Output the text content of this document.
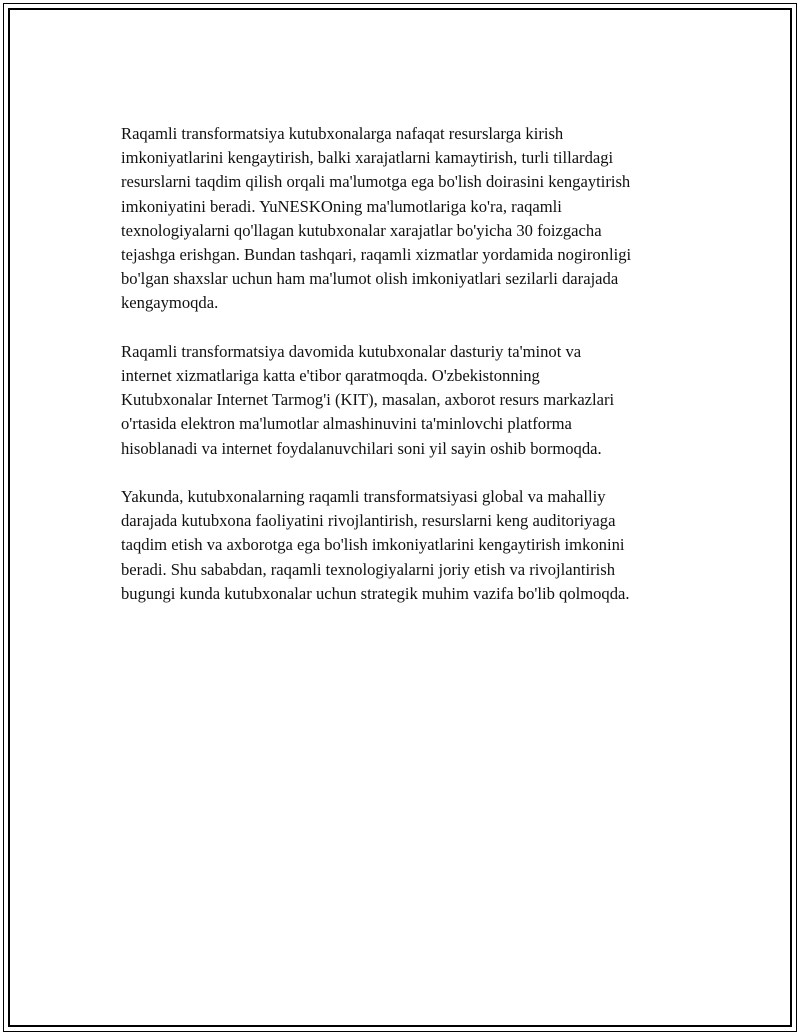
Raqamli transformatsiya kutubxonalarga nafaqat resurslarga kirish
imkoniyatlarini kengaytirish, balki xarajatlarni kamaytirish, turli tillardagi
resurslarni taqdim qilish orqali ma'lumotga ega bo'lish doirasini kengaytirish
imkoniyatini beradi. YuNESKOning ma'lumotlariga ko'ra, raqamli
texnologiyalarni qo'llagan kutubxonalar xarajatlar bo'yicha 30 foizgacha
tejashga erishgan. Bundan tashqari, raqamli xizmatlar yordamida nogironligi
bo'lgan shaxslar uchun ham ma'lumot olish imkoniyatlari sezilarli darajada
kengaymoqda.

Raqamli transformatsiya davomida kutubxonalar dasturiy ta'minot va
internet xizmatlariga katta e'tibor qaratmoqda. O'zbekistonning
Kutubxonalar Internet Tarmog'i (KIT), masalan, axborot resurs markazlari
o'rtasida elektron ma'lumotlar almashinuvini ta'minlovchi platforma
hisoblanadi va internet foydalanuvchilari soni yil sayin oshib bormoqda.

Yakunda, kutubxonalarning raqamli transformatsiyasi global va mahalliy
darajada kutubxona faoliyatini rivojlantirish, resurslarni keng auditoriyaga
taqdim etish va axborotga ega bo'lish imkoniyatlarini kengaytirish imkonini
beradi. Shu sababdan, raqamli texnologiyalarni joriy etish va rivojlantirish
bugungi kunda kutubxonalar uchun strategik muhim vazifa bo'lib qolmoqda.
